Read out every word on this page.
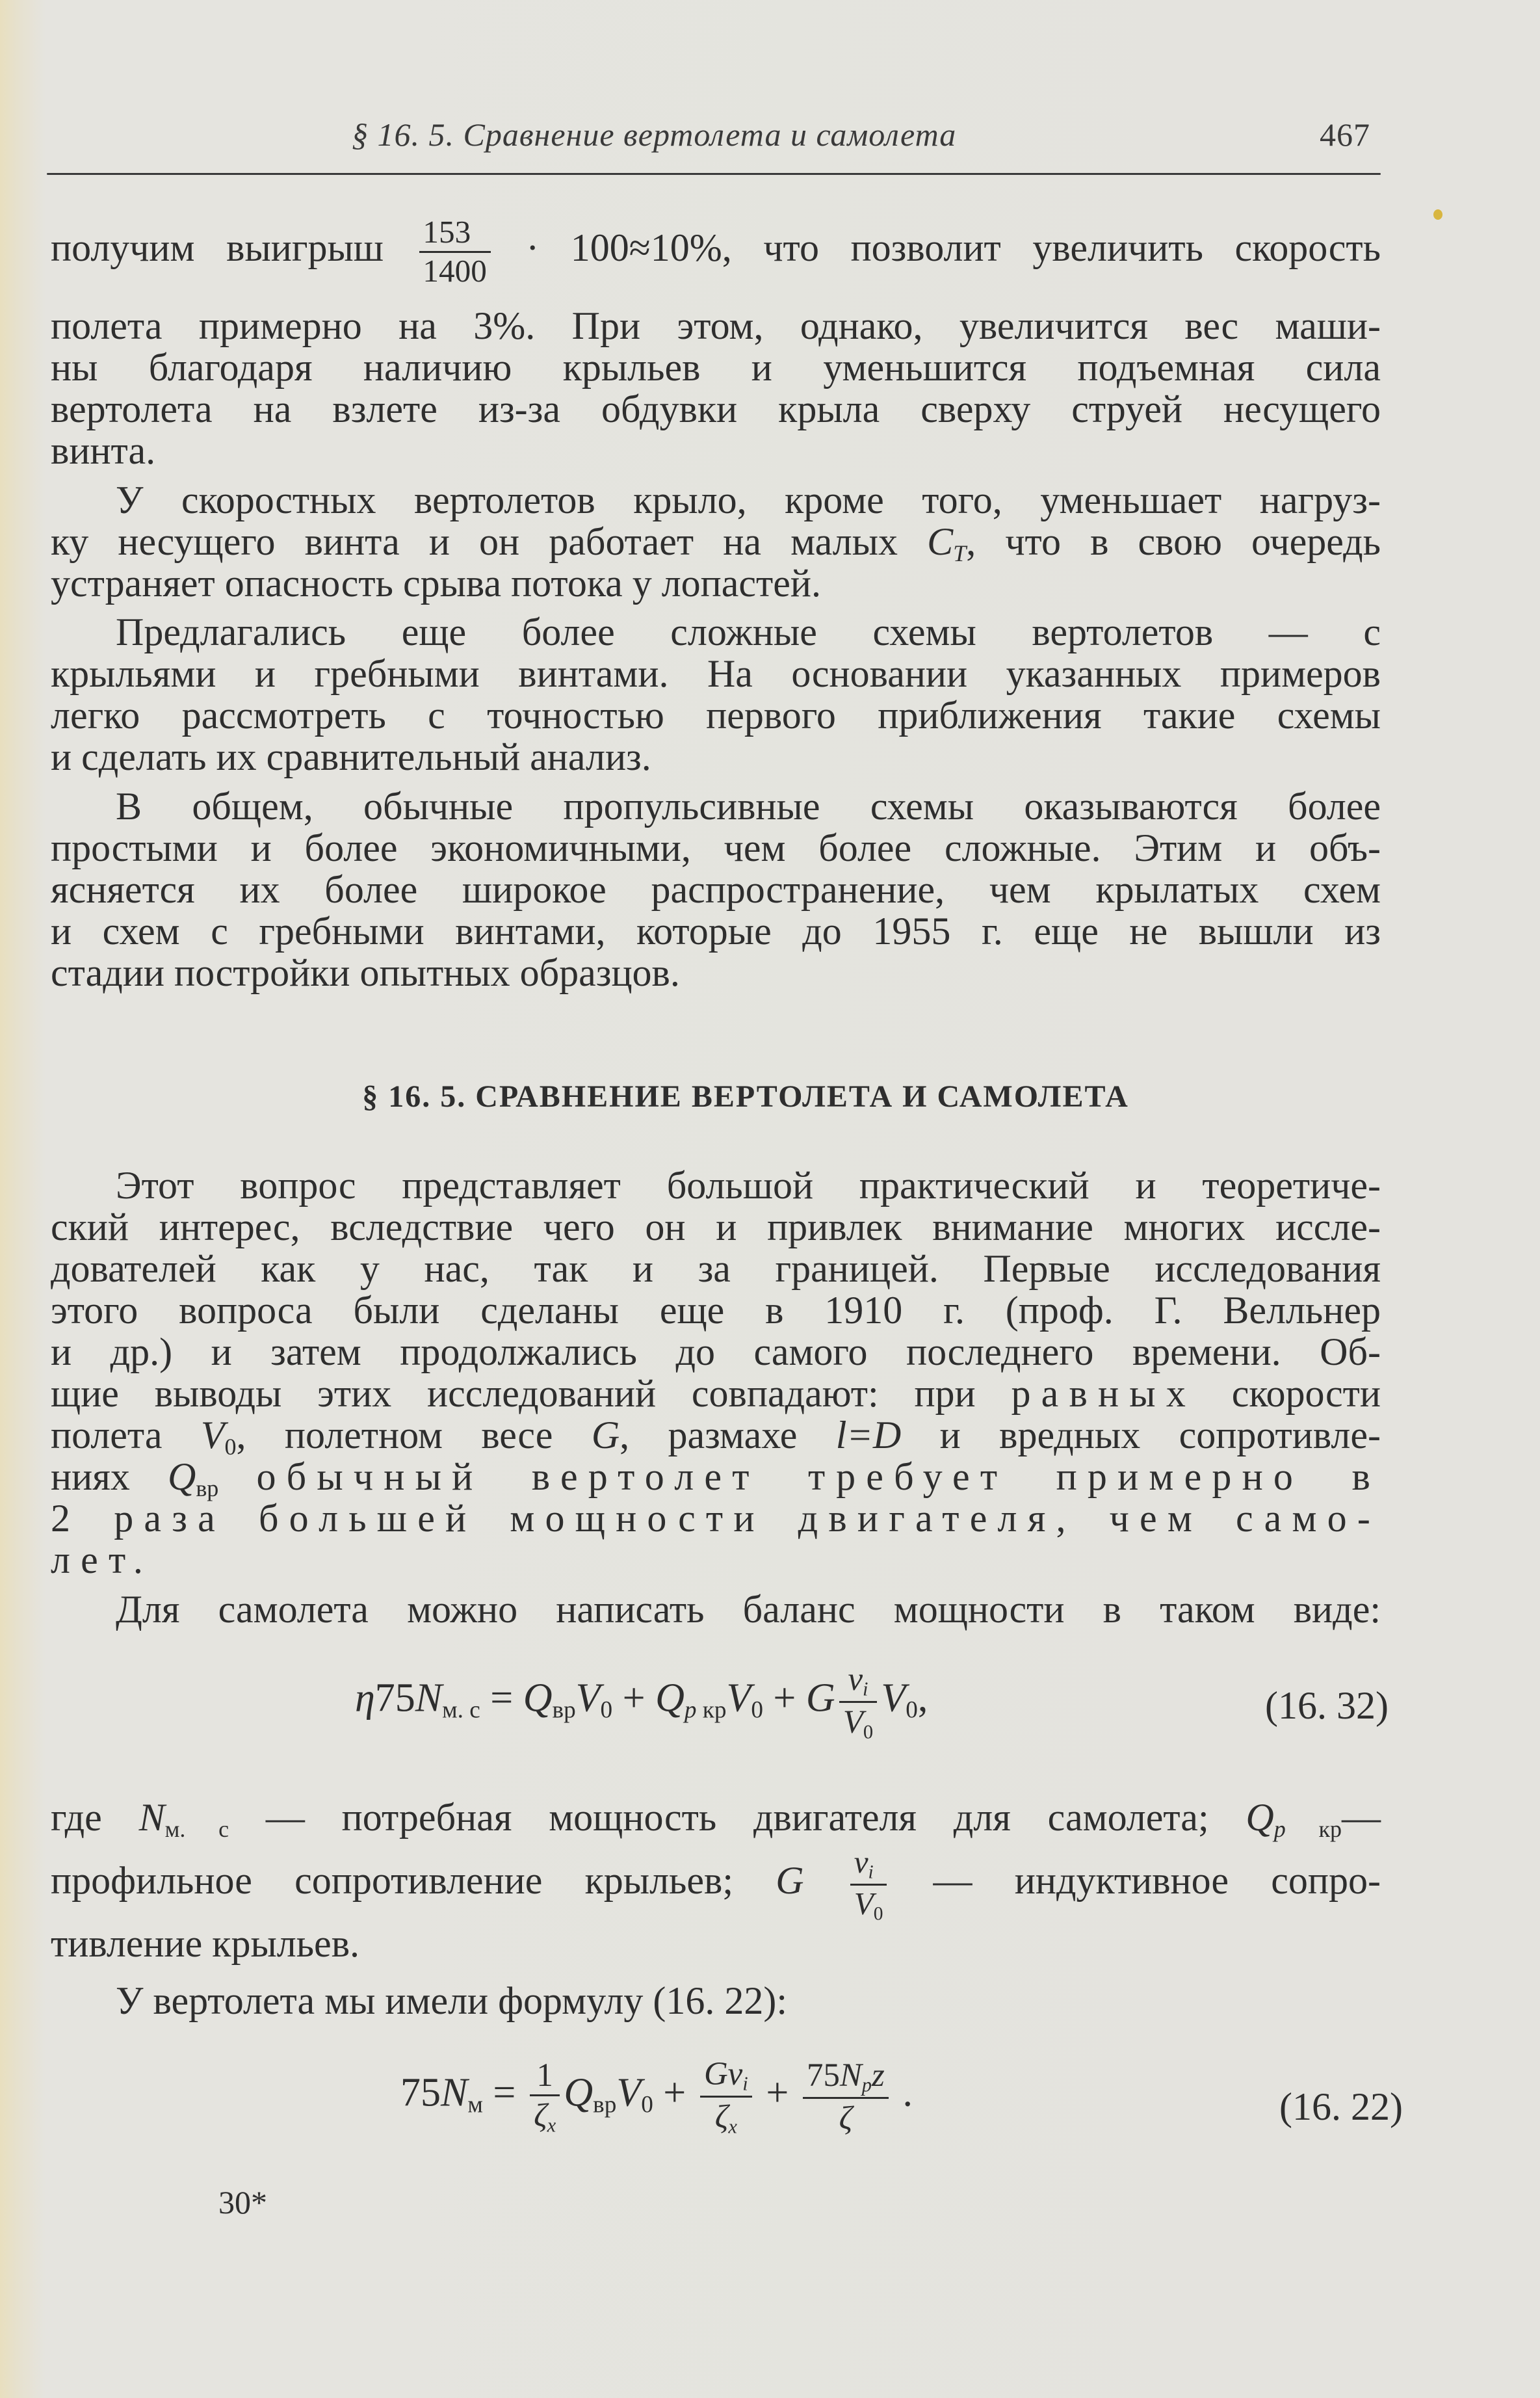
§ 16. 5. Сравнение вертолета и самолета	467
получим выигрыш $\frac{153}{1400} \cdot 100\approx 10\%$, что позволит увеличить скорость
полета примерно на 3%. При этом, однако, увеличится вес маши-
ны благодаря наличию крыльев и уменьшится подъемная сила
вертолета на взлете из-за обдувки крыла сверху струей несущего
винта.
У скоростных вертолетов крыло, кроме того, уменьшает нагруз-
ку несущего винта и он работает на малых CT, что в свою очередь
устраняет опасность срыва потока у лопастей.
Предлагались еще более сложные схемы вертолетов — с
крыльями и гребными винтами. На основании указанных примеров
легко рассмотреть с точностью первого приближения такие схемы
и сделать их сравнительный анализ.
В общем, обычные пропульсивные схемы оказываются более
простыми и более экономичными, чем более сложные. Этим и объ-
ясняется их более широкое распространение, чем крылатых схем
и схем с гребными винтами, которые до 1955 г. еще не вышли из
стадии постройки опытных образцов.
§ 16. 5. СРАВНЕНИЕ ВЕРТОЛЕТА И САМОЛЕТА
Этот вопрос представляет большой практический и теоретиче-
ский интерес, вследствие чего он и привлек внимание многих иссле-
дователей как у нас, так и за границей. Первые исследования
этого вопроса были сделаны еще в 1910 г. (проф. Г. Велльнер
и др.) и затем продолжались до самого последнего времени. Об-
щие выводы этих исследований совпадают: при равных скорости
полета $V_0$, полетном весе G, размахе l=D и вредных сопротивле-
ниях $Q_{вр}$ обычный вертолет требует примерно в
2 раза большей мощности двигателя, чем само-
лет.
Для самолета можно написать баланс мощности в таком виде:
$\eta 75N_{м. с} = Q_{вр}V_0 + Qp$ $_{кр}V_0 + G \frac{vi}{V_0} V_0$,	(16. 32)
где $N_{м. с}$ — потребная мощность двигателя для самолета; Qp $_{кр}$—
профильное сопротивление крыльев; G $\frac{vi}{V_0}$ — индуктивное сопро-
тивление крыльев.
У вертолета мы имели формулу (16. 22):
$75N_м = \frac{1}{\zeta x} Q_{вр}V_0 + \frac{\text{Gvi}}{\zeta x} + \frac{\text{75Npz}}{\zeta}$ .	(16. 22)
30*
